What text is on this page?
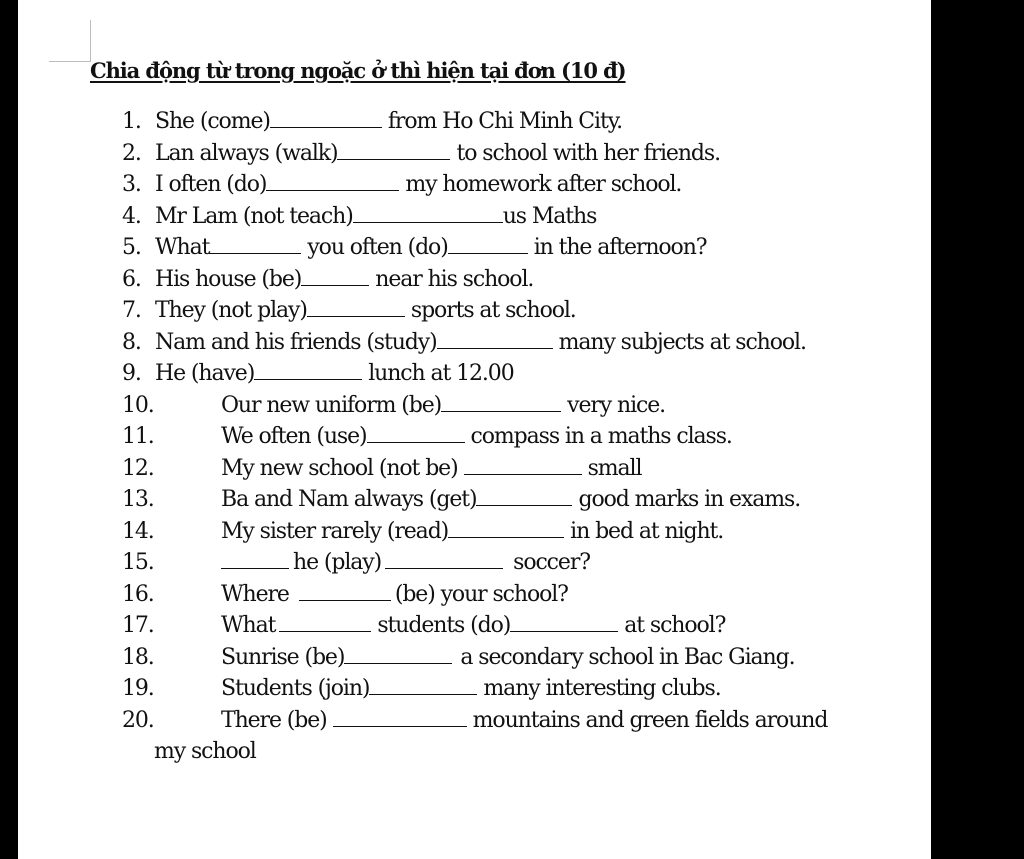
Chia động từ trong ngoặc ở thì hiện tại đơn (10 đ)
1. She (come)	from Ho Chi Minh City.
2. Lan always (walk)	to school with her friends.
3. I often (do)	my homework after school.
4. Mr Lam (not teach)	us Maths
5. What	you often (do)	in the afternoon?
6. His house (be)	near his school.
7. They (not play)	sports at school.
8. Nam and his friends (study)	many subjects at school.
9. He (have)	lunch at 12.00
10.	Our new uniform (be)	very nice.
11.	We often (use)	compass in a maths class.
12.	My new school (not be)	small
13.	Ba and Nam always (get)	good marks in exams.
14.	My sister rarely (read)	in bed at night.
15.	he (play)	soccer?
16.	Where	(be) your school?
17.	What	students (do)	at school?
18.	Sunrise (be)	a secondary school in Bac Giang.
19.	Students (join)	many interesting clubs.
20.	There (be)	mountains and green fields around
my school
